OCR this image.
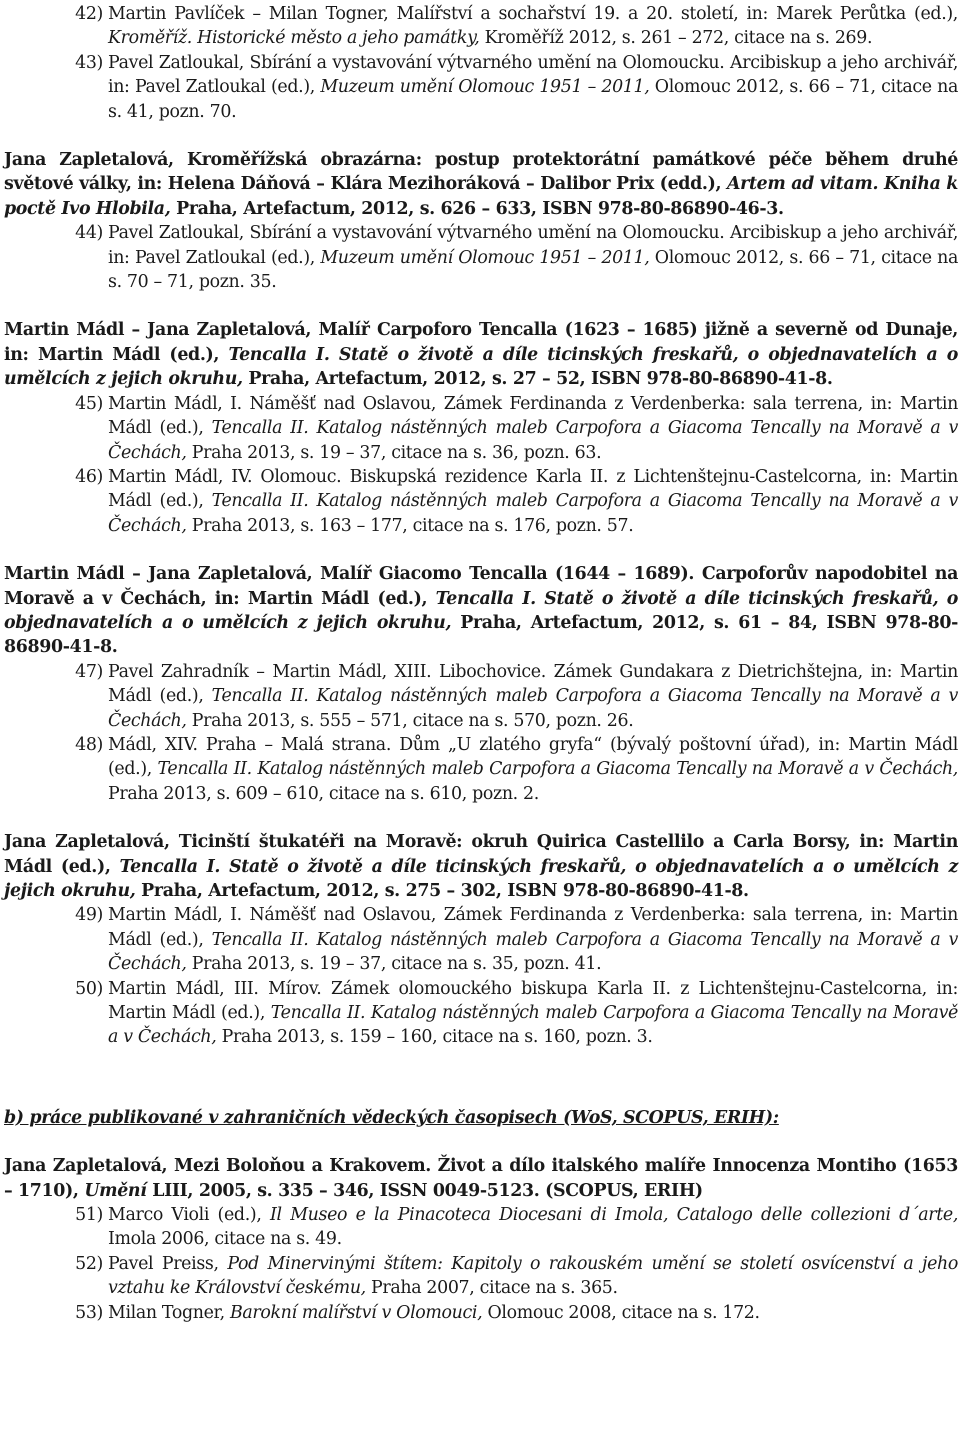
42) Martin Pavlíček – Milan Togner, Malířství a sochařství 19. a 20. století, in: Marek Perůtka (ed.), Kroměříž. Historické město a jeho památky, Kroměříž 2012, s. 261 – 272, citace na s. 269.
43) Pavel Zatloukal, Sbírání a vystavování výtvarného umění na Olomoucku. Arcibiskup a jeho archivář, in: Pavel Zatloukal (ed.), Muzeum umění Olomouc 1951 – 2011, Olomouc 2012, s. 66 – 71, citace na s. 41, pozn. 70.
Jana Zapletalová, Kroměřížská obrazárna: postup protektorátní památkové péče během druhé světové války, in: Helena Dáňová – Klára Mezihoráková – Dalibor Prix (edd.), Artem ad vitam. Kniha k poctě Ivo Hlobila, Praha, Artefactum, 2012, s. 626 – 633, ISBN 978-80-86890-46-3.
44) Pavel Zatloukal, Sbírání a vystavování výtvarného umění na Olomoucku. Arcibiskup a jeho archivář, in: Pavel Zatloukal (ed.), Muzeum umění Olomouc 1951 – 2011, Olomouc 2012, s. 66 – 71, citace na s. 70 – 71, pozn. 35.
Martin Mádl – Jana Zapletalová, Malíř Carpoforo Tencalla (1623 – 1685) jižně a severně od Dunaje, in: Martin Mádl (ed.), Tencalla I. Statě o životě a díle ticinských freskařů, o objednavatelích a o umělcích z jejich okruhu, Praha, Artefactum, 2012, s. 27 – 52, ISBN 978-80-86890-41-8.
45) Martin Mádl, I. Náměšť nad Oslavou, Zámek Ferdinanda z Verdenberka: sala terrena, in: Martin Mádl (ed.), Tencalla II. Katalog nástěnných maleb Carpofora a Giacoma Tencally na Moravě a v Čechách, Praha 2013, s. 19 – 37, citace na s. 36, pozn. 63.
46) Martin Mádl, IV. Olomouc. Biskupská rezidence Karla II. z Lichtenštejnu-Castelcorna, in: Martin Mádl (ed.), Tencalla II. Katalog nástěnných maleb Carpofora a Giacoma Tencally na Moravě a v Čechách, Praha 2013, s. 163 – 177, citace na s. 176, pozn. 57.
Martin Mádl – Jana Zapletalová, Malíř Giacomo Tencalla (1644 – 1689). Carpoforův napodobitel na Moravě a v Čechách, in: Martin Mádl (ed.), Tencalla I. Statě o životě a díle ticinských freskařů, o objednavatelích a o umělcích z jejich okruhu, Praha, Artefactum, 2012, s. 61 – 84, ISBN 978-80-86890-41-8.
47) Pavel Zahradník – Martin Mádl, XIII. Libochovice. Zámek Gundakara z Dietrichštejna, in: Martin Mádl (ed.), Tencalla II. Katalog nástěnných maleb Carpofora a Giacoma Tencally na Moravě a v Čechách, Praha 2013, s. 555 – 571, citace na s. 570, pozn. 26.
48) Mádl, XIV. Praha – Malá strana. Dům „U zlatého gryfa“ (bývalý poštovní úřad), in: Martin Mádl (ed.), Tencalla II. Katalog nástěnných maleb Carpofora a Giacoma Tencally na Moravě a v Čechách, Praha 2013, s. 609 – 610, citace na s. 610, pozn. 2.
Jana Zapletalová, Ticinští štukatéři na Moravě: okruh Quirica Castellilo a Carla Borsy, in: Martin Mádl (ed.), Tencalla I. Statě o životě a díle ticinských freskařů, o objednavatelích a o umělcích z jejich okruhu, Praha, Artefactum, 2012, s. 275 – 302, ISBN 978-80-86890-41-8.
49) Martin Mádl, I. Náměšť nad Oslavou, Zámek Ferdinanda z Verdenberka: sala terrena, in: Martin Mádl (ed.), Tencalla II. Katalog nástěnných maleb Carpofora a Giacoma Tencally na Moravě a v Čechách, Praha 2013, s. 19 – 37, citace na s. 35, pozn. 41.
50) Martin Mádl, III. Mírov. Zámek olomouckého biskupa Karla II. z Lichtenštejnu-Castelcorna, in: Martin Mádl (ed.), Tencalla II. Katalog nástěnných maleb Carpofora a Giacoma Tencally na Moravě a v Čechách, Praha 2013, s. 159 – 160, citace na s. 160, pozn. 3.
b) práce publikované v zahraničních vědeckých časopisech (WoS, SCOPUS, ERIH):
Jana Zapletalová, Mezi Boloňou a Krakovem. Život a dílo italského malíře Innocenza Montiho (1653 – 1710), Umění LIII, 2005, s. 335 – 346, ISSN 0049-5123. (SCOPUS, ERIH)
51) Marco Violi (ed.), Il Museo e la Pinacoteca Diocesani di Imola, Catalogo delle collezioni d´arte, Imola 2006, citace na s. 49.
52) Pavel Preiss, Pod Minervinými štítem: Kapitoly o rakouském umění se století osvícenství a jeho vztahu ke Království českému, Praha 2007, citace na s. 365.
53) Milan Togner, Barokní malířství v Olomouci, Olomouc 2008, citace na s. 172.
